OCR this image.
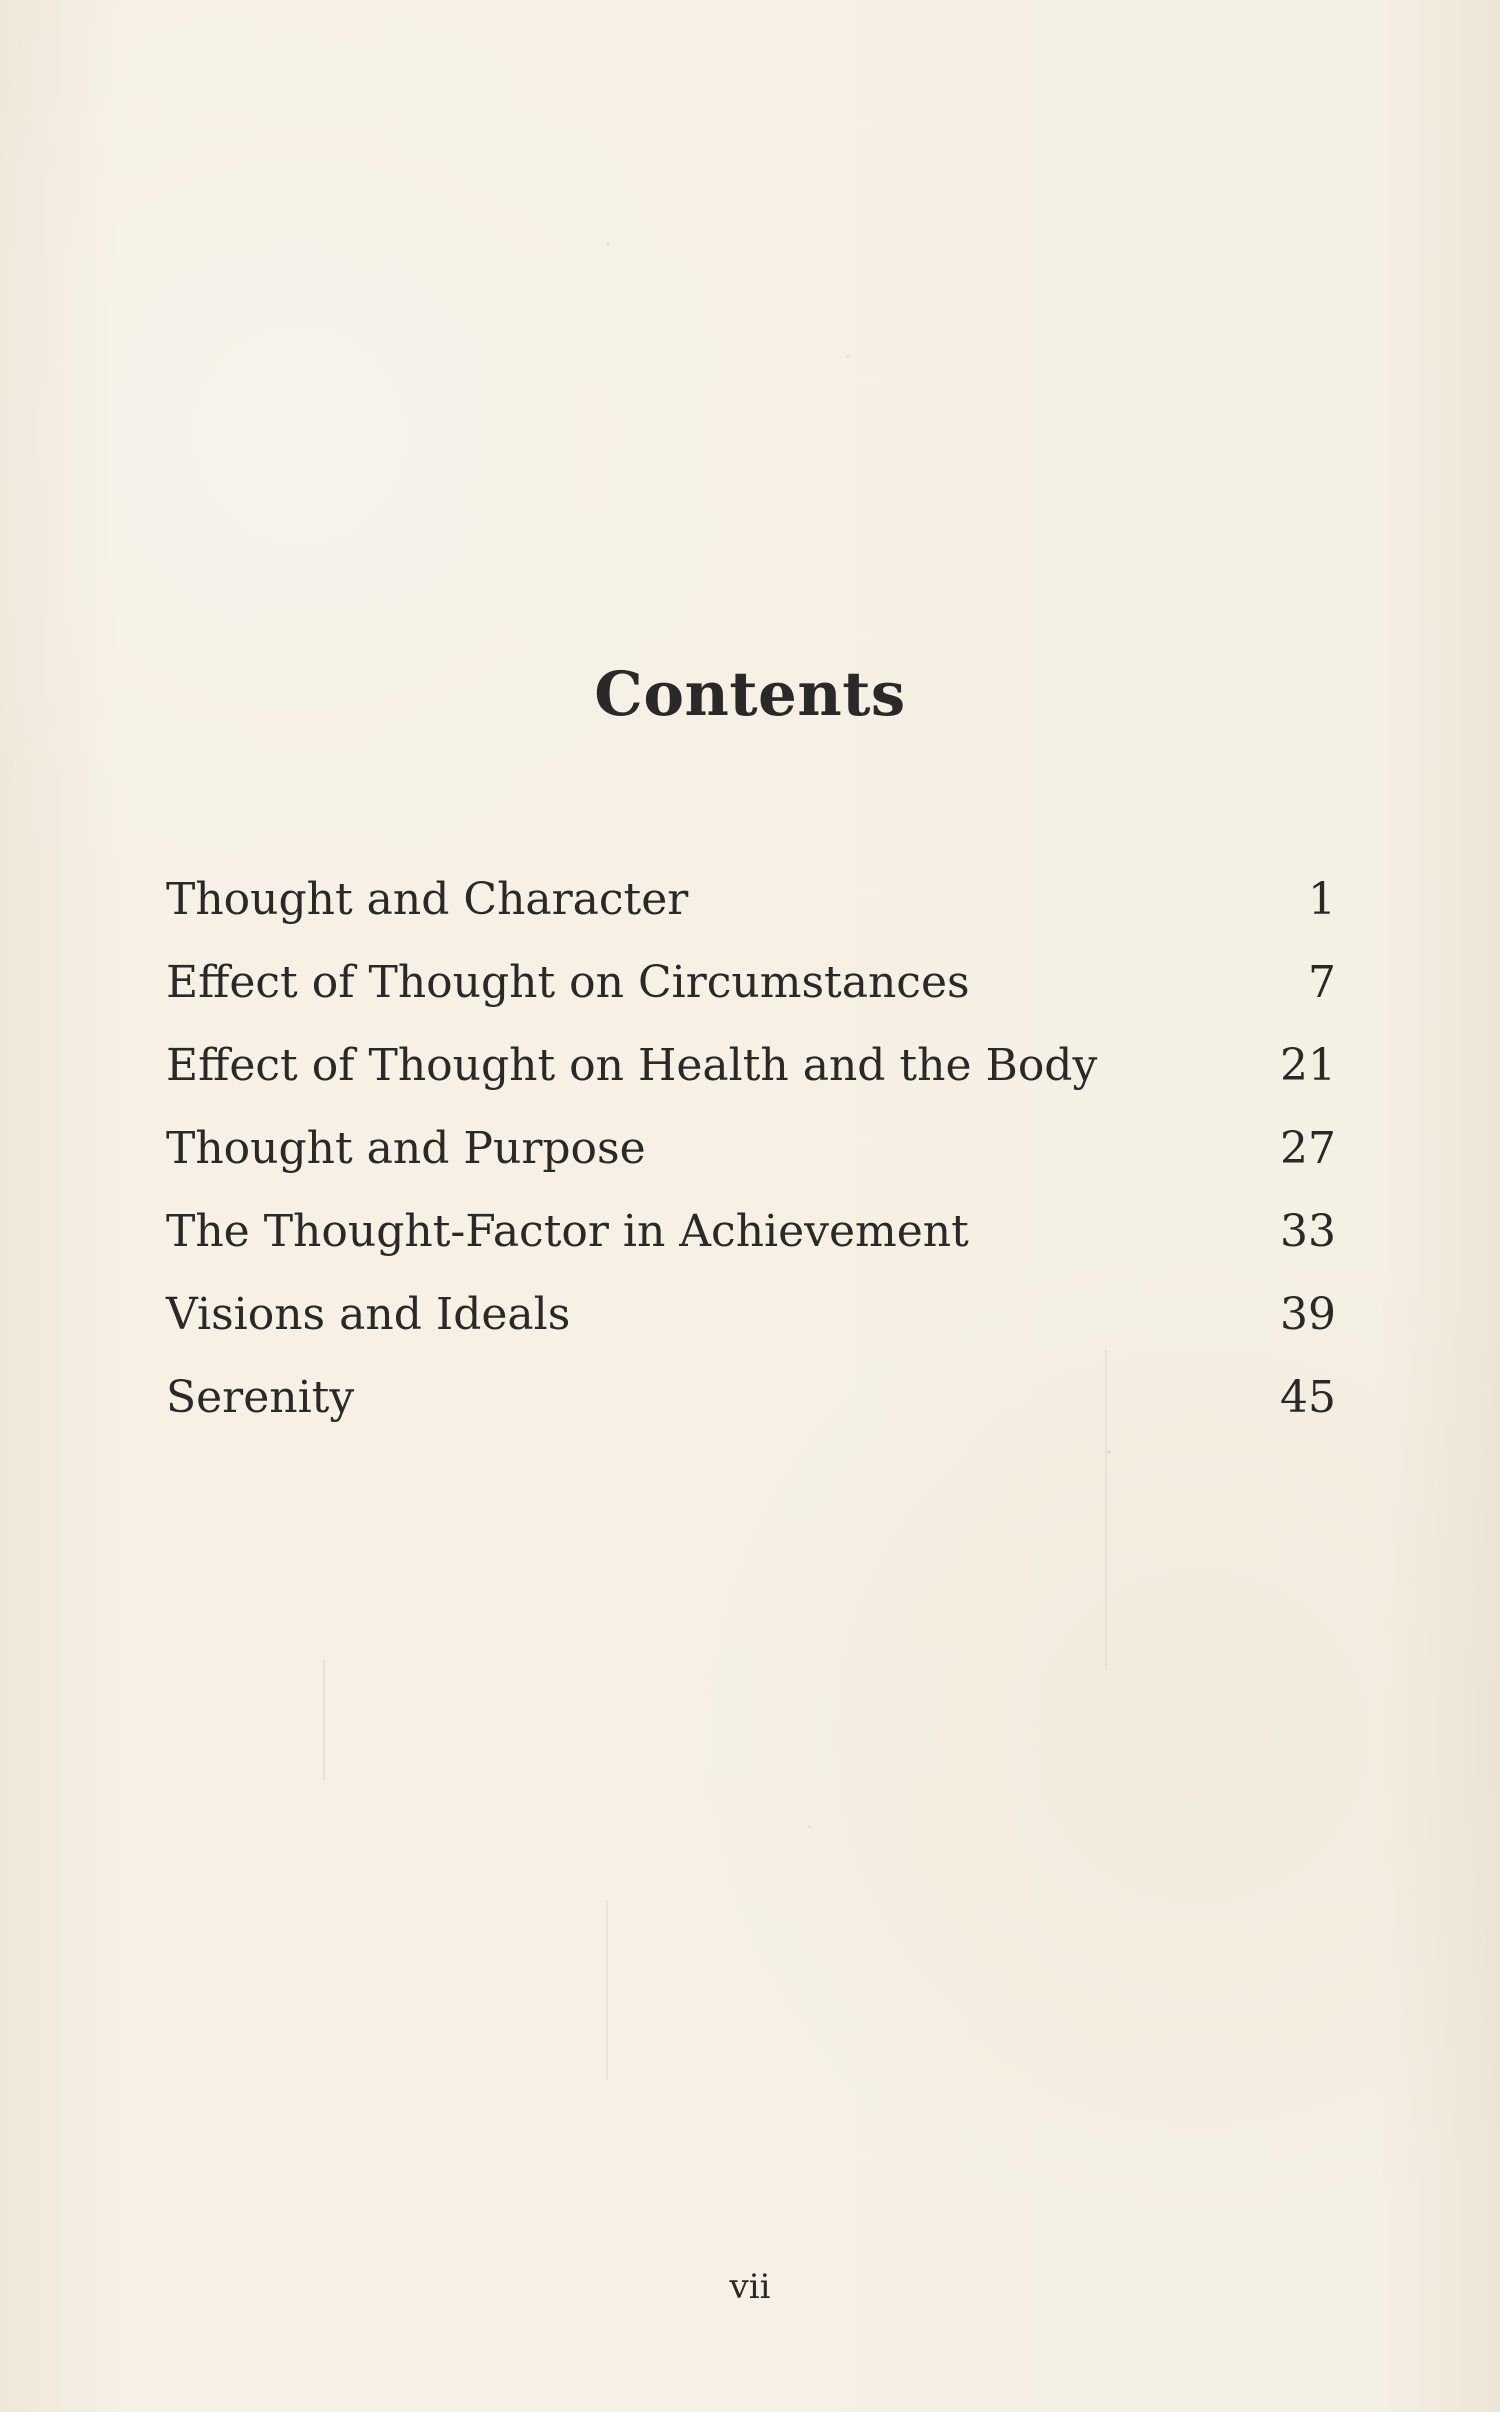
Contents
Thought and Character	1
Effect of Thought on Circumstances	7
Effect of Thought on Health and the Body	21
Thought and Purpose	27
The Thought-Factor in Achievement	33
Visions and Ideals	39
Serenity	45
vii
